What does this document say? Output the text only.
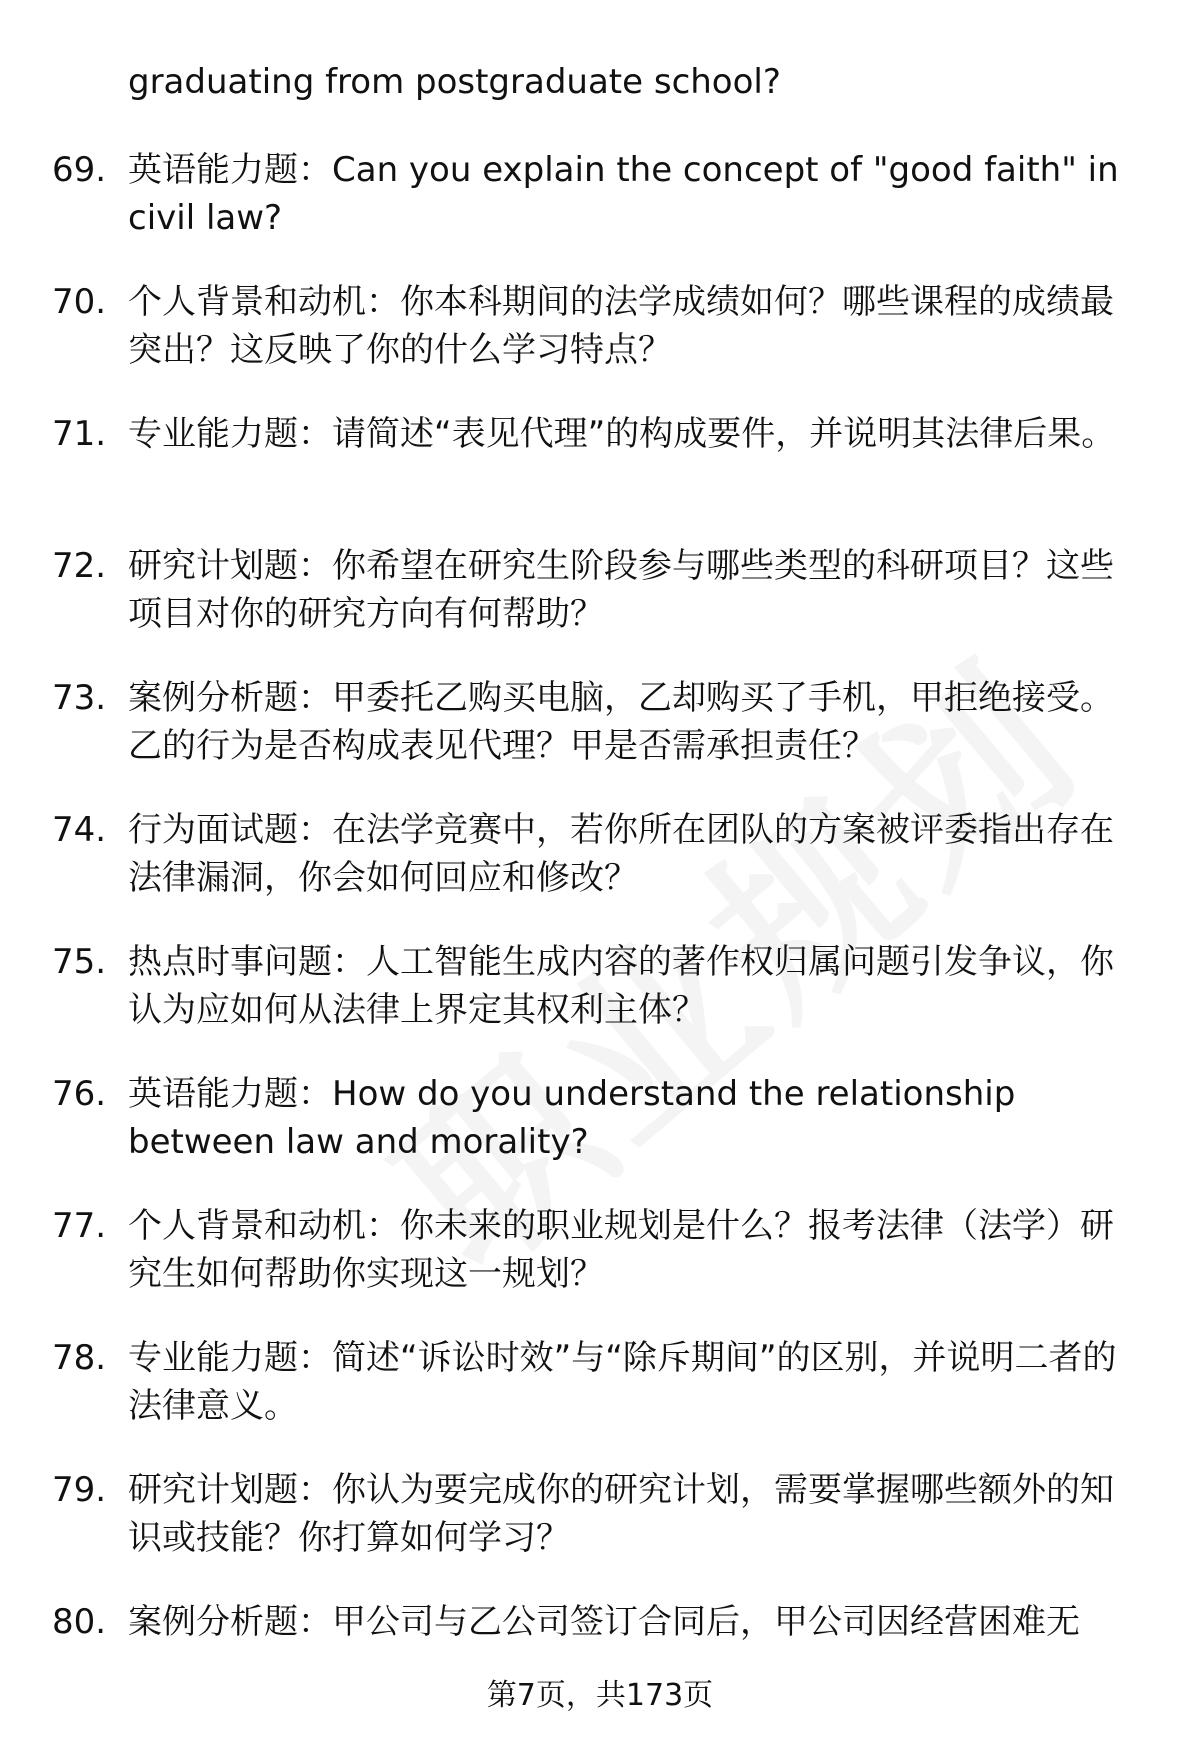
graduating from postgraduate school?
69. 英语能力题：Can you explain the concept of "good faith" in civil law?
70. 个人背景和动机：你本科期间的法学成绩如何？哪些课程的成绩最突出？这反映了你的什么学习特点？
71. 专业能力题：请简述“表见代理”的构成要件，并说明其法律后果。
72. 研究计划题：你希望在研究生阶段参与哪些类型的科研项目？这些项目对你的研究方向有何帮助？
73. 案例分析题：甲委托乙购买电脑，乙却购买了手机，甲拒绝接受。乙的行为是否构成表见代理？甲是否需承担责任？
74. 行为面试题：在法学竞赛中，若你所在团队的方案被评委指出存在法律漏洞，你会如何回应和修改？
75. 热点时事问题：人工智能生成内容的著作权归属问题引发争议，你认为应如何从法律上界定其权利主体？
76. 英语能力题：How do you understand the relationship between law and morality?
77. 个人背景和动机：你未来的职业规划是什么？报考法律（法学）研究生如何帮助你实现这一规划？
78. 专业能力题：简述“诉讼时效”与“除斥期间”的区别，并说明二者的法律意义。
79. 研究计划题：你认为要完成你的研究计划，需要掌握哪些额外的知识或技能？你打算如何学习？
80. 案例分析题：甲公司与乙公司签订合同后，甲公司因经营困难无
第7页，共173页
